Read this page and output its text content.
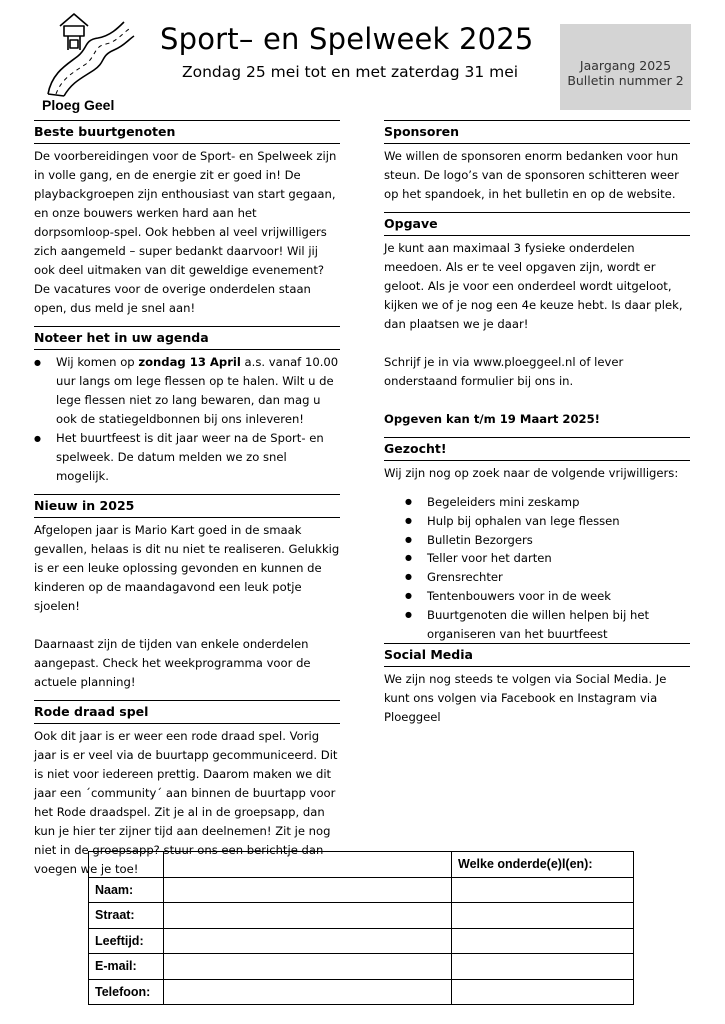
Ploeg Geel
Sport– en Spelweek 2025
Zondag 25 mei tot en met zaterdag 31 mei	Jaargang 2025
Bulletin nummer 2
Beste buurtgenoten

De voorbereidingen voor de Sport- en Spelweek zijn in volle gang, en de energie zit er goed in! De playbackgroepen zijn enthousiast van start gegaan, en onze bouwers werken hard aan het dorpsomloop-spel. Ook hebben al veel vrijwilligers zich aangemeld – super bedankt daarvoor! Wil jij ook deel uitmaken van dit geweldige evenement? De vacatures voor de overige onderdelen staan open, dus meld je snel aan!

Noteer het in uw agenda
● Wij komen op zondag 13 April a.s. vanaf 10.00 uur langs om lege flessen op te halen. Wilt u de lege flessen niet zo lang bewaren, dan mag u ook de statiegeldbonnen bij ons inleveren!
● Het buurtfeest is dit jaar weer na de Sport- en spelweek. De datum melden we zo snel mogelijk.
Nieuw in 2025

Afgelopen jaar is Mario Kart goed in de smaak gevallen, helaas is dit nu niet te realiseren. Gelukkig is er een leuke oplossing gevonden en kunnen de kinderen op de maandagavond een leuk potje sjoelen!

Daarnaast zijn de tijden van enkele onderdelen aangepast. Check het weekprogramma voor de actuele planning!

Rode draad spel

Ook dit jaar is er weer een rode draad spel. Vorig jaar is er veel via de buurtapp gecommuniceerd. Dit is niet voor iedereen prettig. Daarom maken we dit jaar een ´community´ aan binnen de buurtapp voor het Rode draadspel. Zit je al in de groepsapp, dan kun je hier ter zijner tijd aan deelnemen! Zit je nog niet in de groepsapp? stuur ons een berichtje dan voegen we je toe!

Sponsoren

We willen de sponsoren enorm bedanken voor hun steun. De logo’s van de sponsoren schitteren weer op het spandoek, in het bulletin en op de website.

Opgave

Je kunt aan maximaal 3 fysieke onderdelen meedoen. Als er te veel opgaven zijn, wordt er geloot. Als je voor een onderdeel wordt uitgeloot, kijken we of je nog een 4e keuze hebt. Is daar plek, dan plaatsen we je daar!

Schrijf je in via www.ploeggeel.nl of lever onderstaand formulier bij ons in.

Opgeven kan t/m 19 Maart 2025!

Gezocht!

Wij zijn nog op zoek naar de volgende vrijwilligers:

● Begeleiders mini zeskamp
● Hulp bij ophalen van lege flessen
● Bulletin Bezorgers
● Teller voor het darten
● Grensrechter
● Tentenbouwers voor in de week
● Buurtgenoten die willen helpen bij het organiseren van het buurtfeest
Social Media

We zijn nog steeds te volgen via Social Media. Je kunt ons volgen via Facebook en Instagram via Ploeggeel

		Welke onderde(e)l(en):
Naam:		
Straat:		
Leeftijd:		
E-mail:		
Telefoon:		
